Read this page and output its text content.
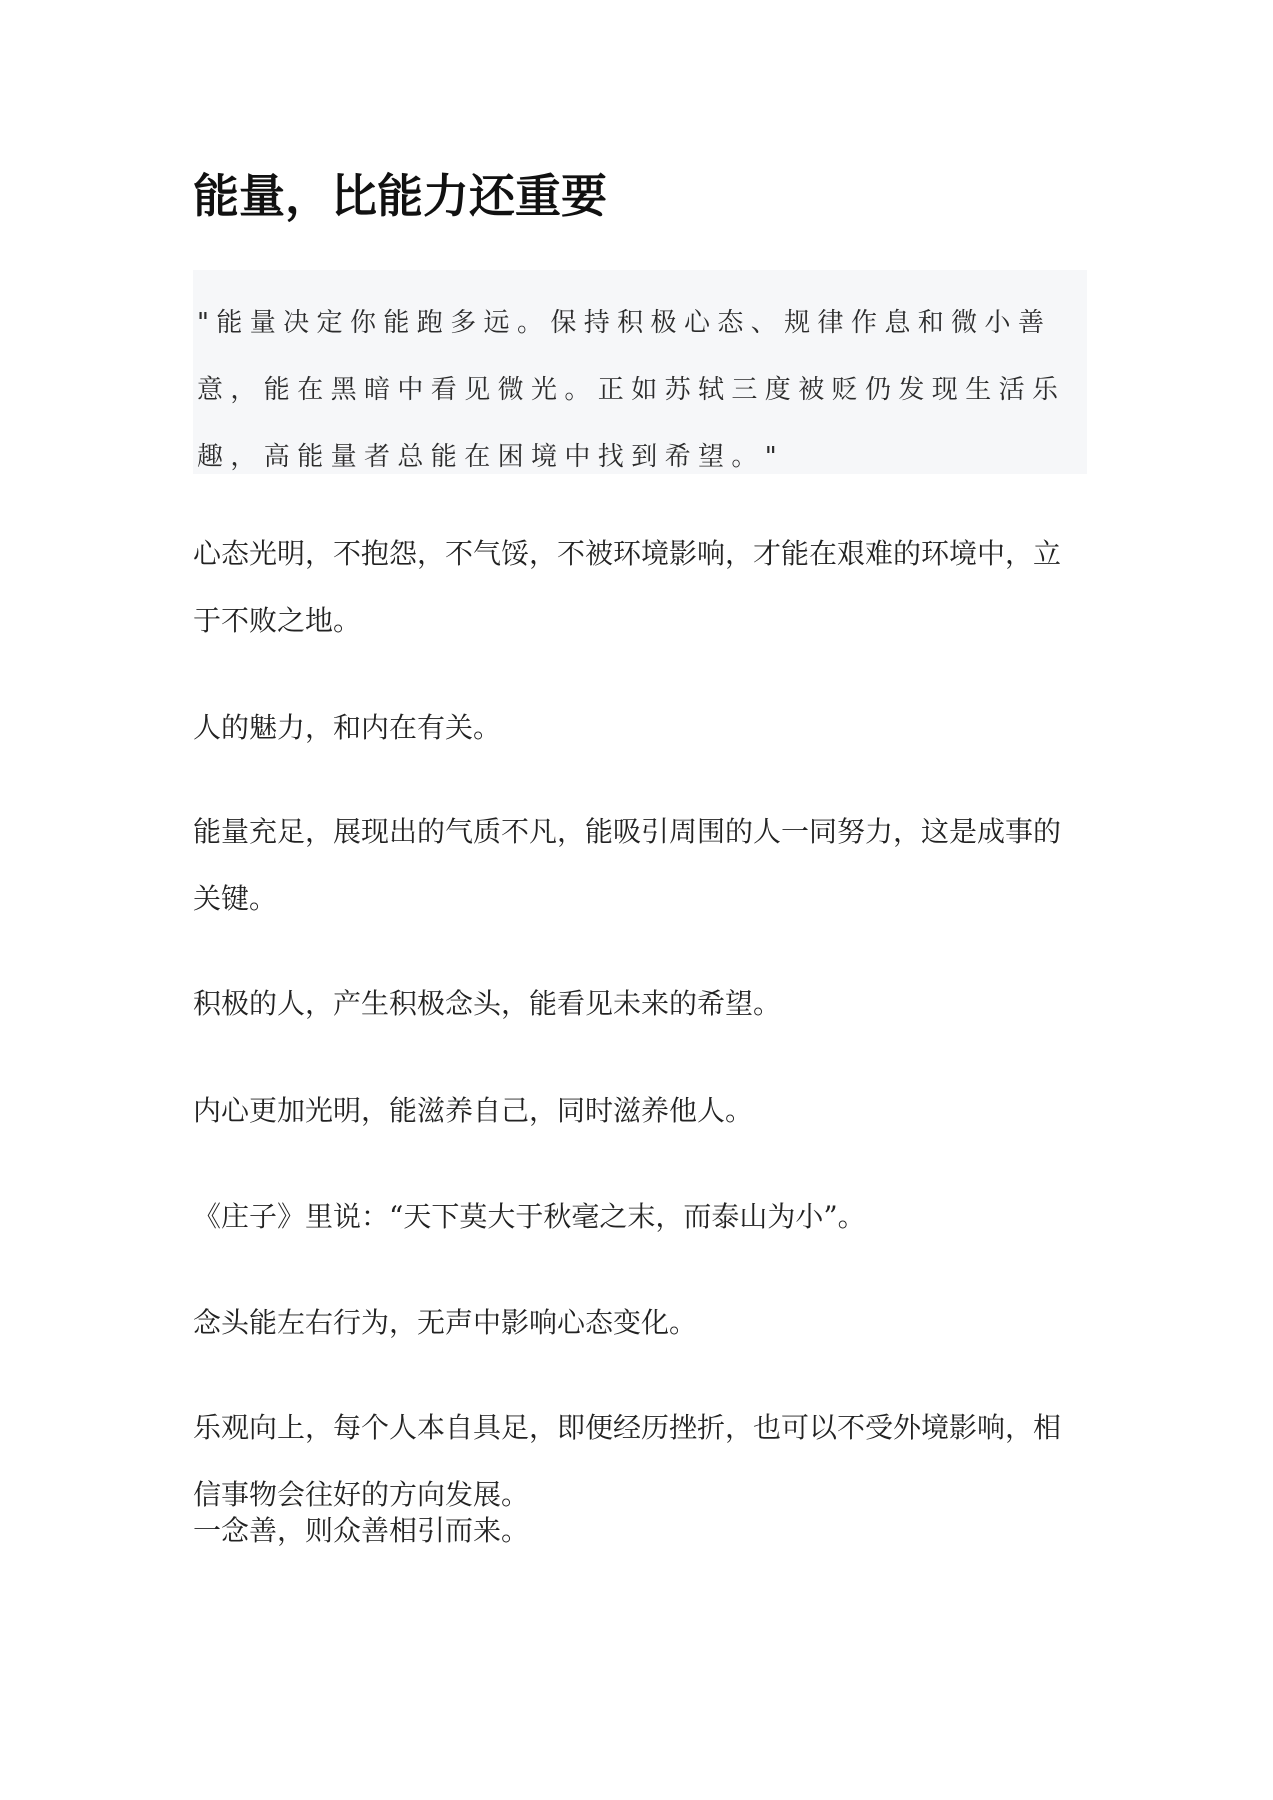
能量，比能力还重要

"能量决定你能跑多远。保持积极心态、规律作息和微小善意，能在黑暗中看见微光。正如苏轼三度被贬仍发现生活乐趣，高能量者总能在困境中找到希望。"

心态光明，不抱怨，不气馁，不被环境影响，才能在艰难的环境中，立于不败之地。

人的魅力，和内在有关。

能量充足，展现出的气质不凡，能吸引周围的人一同努力，这是成事的关键。

积极的人，产生积极念头，能看见未来的希望。

内心更加光明，能滋养自己，同时滋养他人。

《庄子》里说：“天下莫大于秋毫之末，而泰山为小”。

念头能左右行为，无声中影响心态变化。

乐观向上，每个人本自具足，即便经历挫折，也可以不受外境影响，相信事物会往好的方向发展。

一念善，则众善相引而来。
